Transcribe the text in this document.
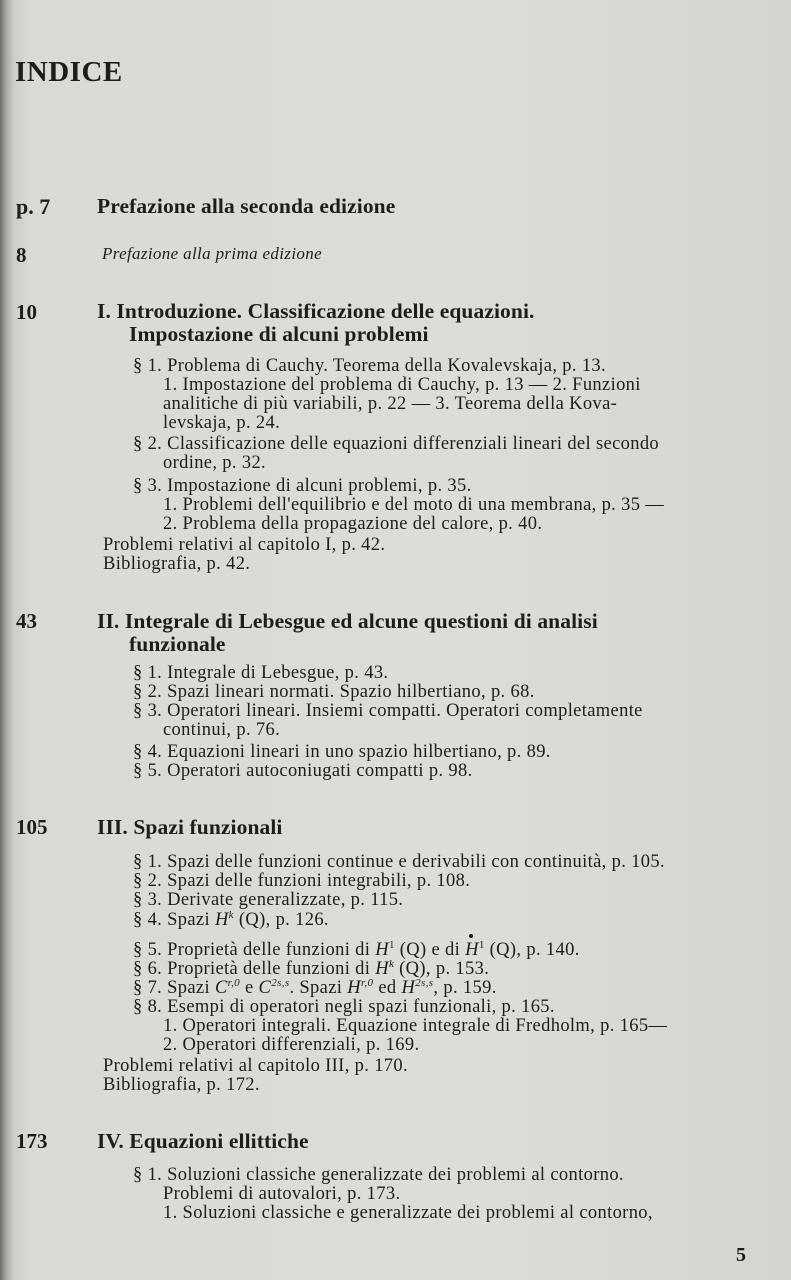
INDICE
p. 7 Prefazione alla seconda edizione
8	Prefazione alla prima edizione
10	I. Introduzione. Classificazione delle equazioni.
Impostazione di alcuni problemi
§ 1. Problema di Cauchy. Teorema della Kovalevskaja, p. 13.
1. Impostazione del problema di Cauchy, p. 13 — 2. Funzioni
analitiche di più variabili, p. 22 — 3. Teorema della Kova-
levskaja, p. 24.
§ 2. Classificazione delle equazioni differenziali lineari del secondo
ordine, p. 32.
§ 3. Impostazione di alcuni problemi, p. 35.
1. Problemi dell'equilibrio e del moto di una membrana, p. 35 —
2. Problema della propagazione del calore, p. 40.
Problemi relativi al capitolo I, p. 42.
Bibliografia, p. 42.
43	II. Integrale di Lebesgue ed alcune questioni di analisi
funzionale
§ 1. Integrale di Lebesgue, p. 43.
§ 2. Spazi lineari normati. Spazio hilbertiano, p. 68.
§ 3. Operatori lineari. Insiemi compatti. Operatori completamente
continui, p. 76.
§ 4. Equazioni lineari in uno spazio hilbertiano, p. 89.
§ 5. Operatori autoconiugati compatti p. 98.
105 III. Spazi funzionali
§ 1. Spazi delle funzioni continue e derivabili con continuità, p. 105.
§ 2. Spazi delle funzioni integrabili, p. 108.
§ 3. Derivate generalizzate, p. 115.
§ 4. Spazi $H^k$ (Q), p. 126.
§ 5. Proprietà delle funzioni di $H^1$ (Q) e di $H^1$ (Q), p. 140.
§ 6. Proprietà delle funzioni di $H^k$ (Q), p. 153.
§ 7. Spazi C$^{r,0}$ e $C^{2s,s}$. Spazi H$^{r,0}$ ed $H^{2s,s}$, p. 159.
§ 8. Esempi di operatori negli spazi funzionali, p. 165.
1. Operatori integrali. Equazione integrale di Fredholm, p. 165—
2. Operatori differenziali, p. 169.
Problemi relativi al capitolo III, p. 170.
Bibliografia, p. 172.
173 IV. Equazioni ellittiche
§ 1. Soluzioni classiche generalizzate dei problemi al contorno.
Problemi di autovalori, p. 173.
1. Soluzioni classiche e generalizzate dei problemi al contorno,
5
